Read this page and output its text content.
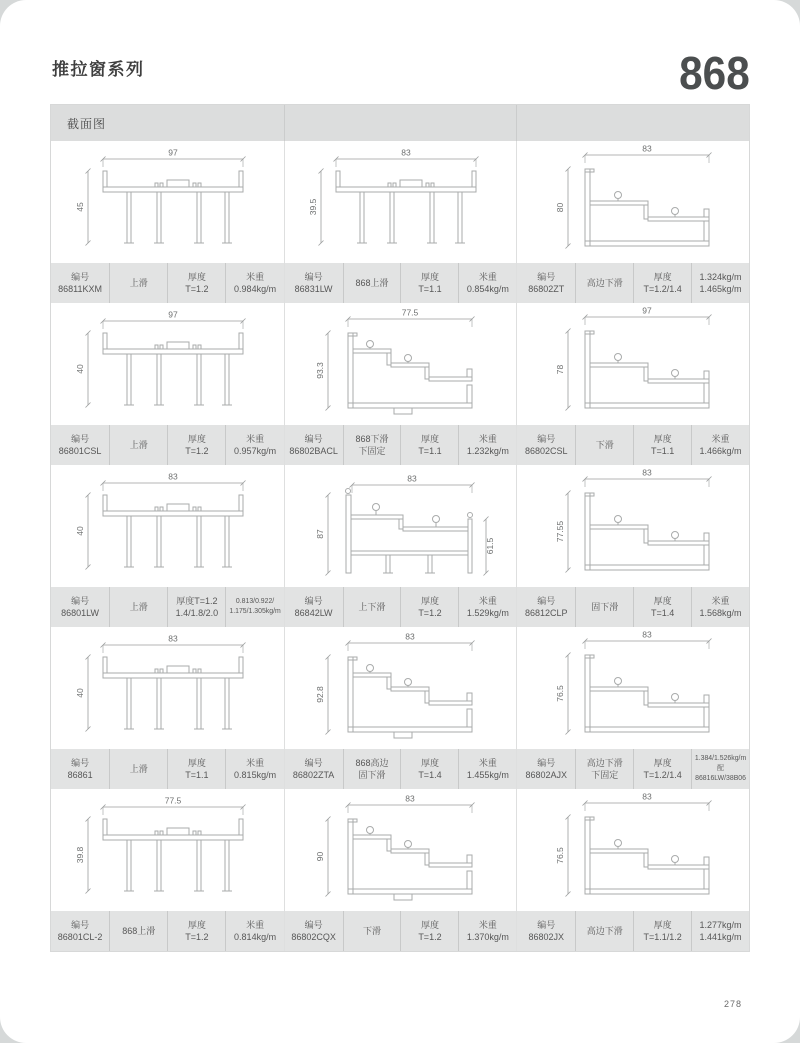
推拉窗系列	868
截面图
97
45
编号
86811KXM
上滑
厚度
T=1.2
米重
0.984kg/m
83
39.5
编号
86831LW
868上滑
厚度
T=1.1
米重
0.854kg/m
83
80
编号
86802ZT
高边下滑
厚度
T=1.2/1.4
1.324kg/m
1.465kg/m
97
40
编号
86801CSL
上滑
厚度
T=1.2
米重
0.957kg/m
77.5
93.3
编号
86802BACL
868下滑
下固定
厚度
T=1.1
米重
1.232kg/m
97
78
编号
86802CSL
下滑
厚度
T=1.1
米重
1.466kg/m
83
40
编号
86801LW
上滑
厚度T=1.2
1.4/1.8/2.0
0.813/0.922/
1.175/1.305kg/m
83
87
61.5
编号
86842LW
上下滑
厚度
T=1.2
米重
1.529kg/m
83
77.55
编号
86812CLP
固下滑
厚度
T=1.4
米重
1.568kg/m
83
40
编号
86861
上滑
厚度
T=1.1
米重
0.815kg/m
83
92.8
编号
86802ZTA
868高边
固下滑
厚度
T=1.4
米重
1.455kg/m
83
76.5
编号
86802AJX
高边下滑
下固定
厚度
T=1.2/1.4
1.384/1.526kg/m
配86816LW/38B06
77.5
39.8
编号
86801CL-2
868上滑
厚度
T=1.2
米重
0.814kg/m
83
90
编号
86802CQX
下滑
厚度
T=1.2
米重
1.370kg/m
83
76.5
编号
86802JX
高边下滑
厚度
T=1.1/1.2
1.277kg/m
1.441kg/m
278
